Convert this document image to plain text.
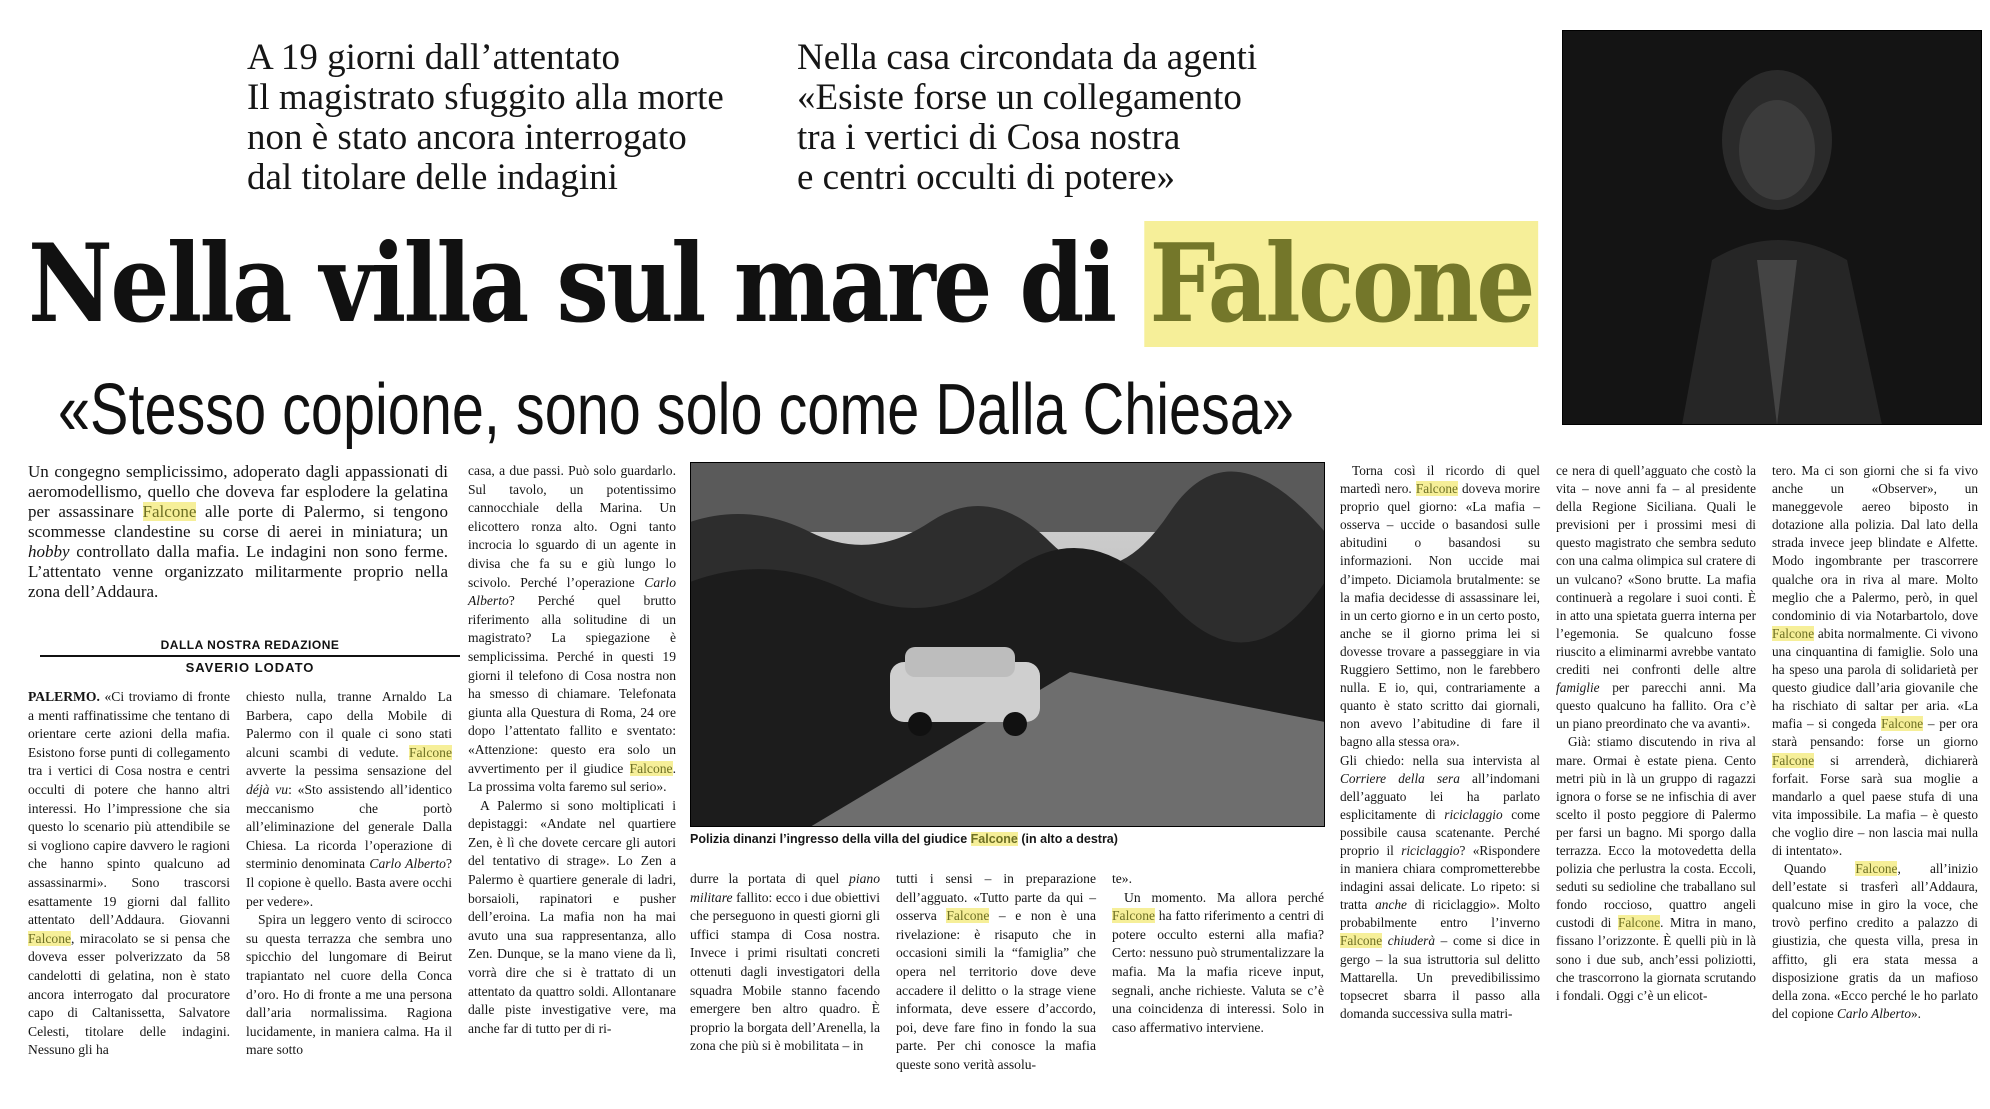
A 19 giorni dall’attentato
Il magistrato sfuggito alla morte
non è stato ancora interrogato
dal titolare delle indagini
Nella casa circondata da agenti
«Esiste forse un collegamento
tra i vertici di Cosa nostra
e centri occulti di potere»
Nella villa sul mare di Falcone
«Stesso copione, sono solo come Dalla Chiesa»
Un congegno semplicissimo, adoperato dagli appassionati di aeromodellismo, quello che doveva far esplodere la gelatina per assassinare Falcone alle porte di Palermo, si tengono scommesse clandestine su corse di aerei in miniatura; un hobby controllato dalla mafia. Le indagini non sono ferme. L’attentato venne organizzato militarmente proprio nella zona dell’Addaura.
DALLA NOSTRA REDAZIONE
SAVERIO LODATO
PALERMO. «Ci troviamo di fronte a menti raffinatissime che tentano di orientare certe azioni della mafia. Esistono forse punti di collegamento tra i vertici di Cosa nostra e centri occulti di potere che hanno altri interessi. Ho l’impressione che sia questo lo scenario più attendibile se si vogliono capire davvero le ragioni che hanno spinto qualcuno ad assassinarmi». Sono trascorsi esattamente 19 giorni dal fallito attentato dell’Addaura. Giovanni Falcone, miracolato se si pensa che doveva esser polverizzato da 58 candelotti di gelatina, non è stato ancora interrogato dal procuratore capo di Caltanissetta, Salvatore Celesti, titolare delle indagini. Nessuno gli ha

chiesto nulla, tranne Arnaldo La Barbera, capo della Mobile di Palermo con il quale ci sono stati alcuni scambi di vedute. Falcone avverte la pessima sensazione del déjà vu: «Sto assistendo all’identico meccanismo che portò all’eliminazione del generale Dalla Chiesa. La ricorda l’operazione di sterminio denominata Carlo Alberto? Il copione è quello. Basta avere occhi per vedere».

Spira un leggero vento di scirocco su questa terrazza che sembra uno spicchio del lungomare di Beirut trapiantato nel cuore della Conca d’oro. Ho di fronte a me una persona dall’aria normalissima. Ragiona lucidamente, in maniera calma. Ha il mare sotto

casa, a due passi. Può solo guardarlo. Sul tavolo, un potentissimo cannocchiale della Marina. Un elicottero ronza alto. Ogni tanto incrocia lo sguardo di un agente in divisa che fa su e giù lungo lo scivolo. Perché l’operazione Carlo Alberto? Perché quel brutto riferimento alla solitudine di un magistrato? La spiegazione è semplicissima. Perché in questi 19 giorni il telefono di Cosa nostra non ha smesso di chiamare. Telefonata giunta alla Questura di Roma, 24 ore dopo l’attentato fallito e sventato: «Attenzione: questo era solo un avvertimento per il giudice Falcone. La prossima volta faremo sul serio».

A Palermo si sono moltiplicati i depistaggi: «Andate nel quartiere Zen, è lì che dovete cercare gli autori del tentativo di strage». Lo Zen a Palermo è quartiere generale di ladri, borsaioli, rapinatori e pusher dell’eroina. La mafia non ha mai avuto una sua rappresentanza, allo Zen. Dunque, se la mano viene da lì, vorrà dire che si è trattato di un attentato da quattro soldi. Allontanare dalle piste investigative vere, ma anche far di tutto per di ri-

Polizia dinanzi l’ingresso della villa del giudice Falcone (in alto a destra)
durre la portata di quel piano militare fallito: ecco i due obiettivi che perseguono in questi giorni gli uffici stampa di Cosa nostra. Invece i primi risultati concreti ottenuti dagli investigatori della squadra Mobile stanno facendo emergere ben altro quadro. È proprio la borgata dell’Arenella, la zona che più si è mobilitata – in
tutti i sensi – in preparazione dell’agguato. «Tutto parte da qui – osserva Falcone – e non è una rivelazione: è risaputo che in occasioni simili la “famiglia” che opera nel territorio dove deve accadere il delitto o la strage viene informata, deve essere d’accordo, poi, deve fare fino in fondo la sua parte. Per chi conosce la mafia queste sono verità assolu-

te».

Un momento. Ma allora perché Falcone ha fatto riferimento a centri di potere occulto esterni alla mafia? Certo: nessuno può strumentalizzare la mafia. Ma la mafia riceve input, segnali, anche richieste. Valuta se c’è una coincidenza di interessi. Solo in caso affermativo interviene.

Torna così il ricordo di quel martedì nero. Falcone doveva morire proprio quel giorno: «La mafia – osserva – uccide o basandosi sulle abitudini o basandosi su informazioni. Non uccide mai d’impeto. Diciamola brutalmente: se la mafia decidesse di assassinare lei, in un certo giorno e in un certo posto, anche se il giorno prima lei si dovesse trovare a passeggiare in via Ruggiero Settimo, non le farebbero nulla. E io, qui, contrariamente a quanto è stato scritto dai giornali, non avevo l’abitudine di fare il bagno alla stessa ora».

Gli chiedo: nella sua intervista al Corriere della sera all’indomani dell’agguato lei ha parlato esplicitamente di riciclaggio come possibile causa scatenante. Perché proprio il riciclaggio? «Rispondere in maniera chiara comprometterebbe indagini assai delicate. Lo ripeto: si tratta anche di riciclaggio». Molto probabilmente entro l’inverno Falcone chiuderà – come si dice in gergo – la sua istruttoria sul delitto Mattarella. Un prevedibilissimo topsecret sbarra il passo alla domanda successiva sulla matri-

ce nera di quell’agguato che costò la vita – nove anni fa – al presidente della Regione Siciliana. Quali le previsioni per i prossimi mesi di questo magistrato che sembra seduto con una calma olimpica sul cratere di un vulcano? «Sono brutte. La mafia continuerà a regolare i suoi conti. È in atto una spietata guerra interna per l’egemonia. Se qualcuno fosse riuscito a eliminarmi avrebbe vantato crediti nei confronti delle altre famiglie per parecchi anni. Ma questo qualcuno ha fallito. Ora c’è un piano preordinato che va avanti».

Già: stiamo discutendo in riva al mare. Ormai è estate piena. Cento metri più in là un gruppo di ragazzi ignora o forse se ne infischia di aver scelto il posto peggiore di Palermo per farsi un bagno. Mi sporgo dalla terrazza. Ecco la motovedetta della polizia che perlustra la costa. Eccoli, seduti su sedioline che traballano sul fondo roccioso, quattro angeli custodi di Falcone. Mitra in mano, fissano l’orizzonte. È quelli più in là sono i due sub, anch’essi poliziotti, che trascorrono la giornata scrutando i fondali. Oggi c’è un elicot-

tero. Ma ci son giorni che si fa vivo anche un «Observer», un maneggevole aereo biposto in dotazione alla polizia. Dal lato della strada invece jeep blindate e Alfette. Modo ingombrante per trascorrere qualche ora in riva al mare. Molto meglio che a Palermo, però, in quel condominio di via Notarbartolo, dove Falcone abita normalmente. Ci vivono una cinquantina di famiglie. Solo una ha speso una parola di solidarietà per questo giudice dall’aria giovanile che ha rischiato di saltar per aria. «La mafia – si congeda Falcone – per ora starà pensando: forse un giorno Falcone si arrenderà, dichiarerà forfait. Forse sarà sua moglie a mandarlo a quel paese stufa di una vita impossibile. La mafia – è questo che voglio dire – non lascia mai nulla di intentato».

Quando Falcone, all’inizio dell’estate si trasferì all’Addaura, qualcuno mise in giro la voce, che trovò perfino credito a palazzo di giustizia, che questa villa, presa in affitto, gli era stata messa a disposizione gratis da un mafioso della zona. «Ecco perché le ho parlato del copione Carlo Alberto».
